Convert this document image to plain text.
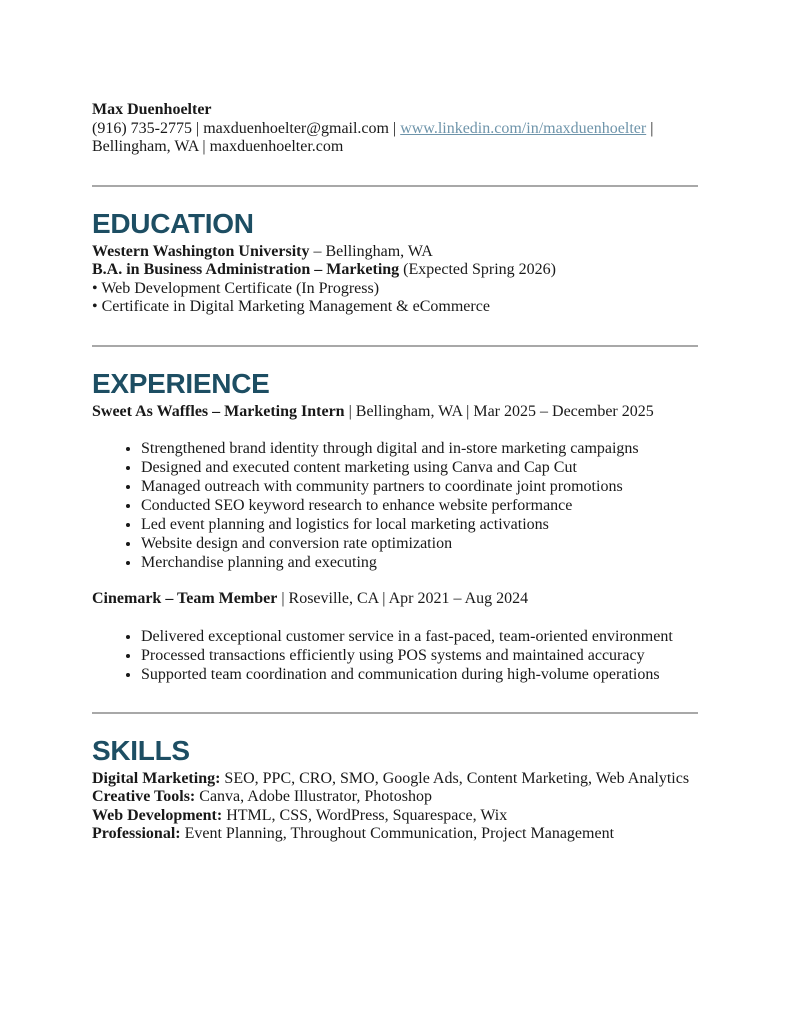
Max Duenhoelter
(916) 735-2775 | maxduenhoelter@gmail.com | www.linkedin.com/in/maxduenhoelter |
Bellingham, WA | maxduenhoelter.com
EDUCATION
Western Washington University – Bellingham, WA
B.A. in Business Administration – Marketing (Expected Spring 2026)
• Web Development Certificate (In Progress)
• Certificate in Digital Marketing Management & eCommerce
EXPERIENCE
Sweet As Waffles – Marketing Intern | Bellingham, WA | Mar 2025 – December 2025
• Strengthened brand identity through digital and in-store marketing campaigns
• Designed and executed content marketing using Canva and Cap Cut
• Managed outreach with community partners to coordinate joint promotions
• Conducted SEO keyword research to enhance website performance
• Led event planning and logistics for local marketing activations
• Website design and conversion rate optimization
• Merchandise planning and executing
Cinemark – Team Member | Roseville, CA | Apr 2021 – Aug 2024
• Delivered exceptional customer service in a fast-paced, team-oriented environment
• Processed transactions efficiently using POS systems and maintained accuracy
• Supported team coordination and communication during high-volume operations
SKILLS
Digital Marketing: SEO, PPC, CRO, SMO, Google Ads, Content Marketing, Web Analytics
Creative Tools: Canva, Adobe Illustrator, Photoshop
Web Development: HTML, CSS, WordPress, Squarespace, Wix
Professional: Event Planning, Throughout Communication, Project Management
